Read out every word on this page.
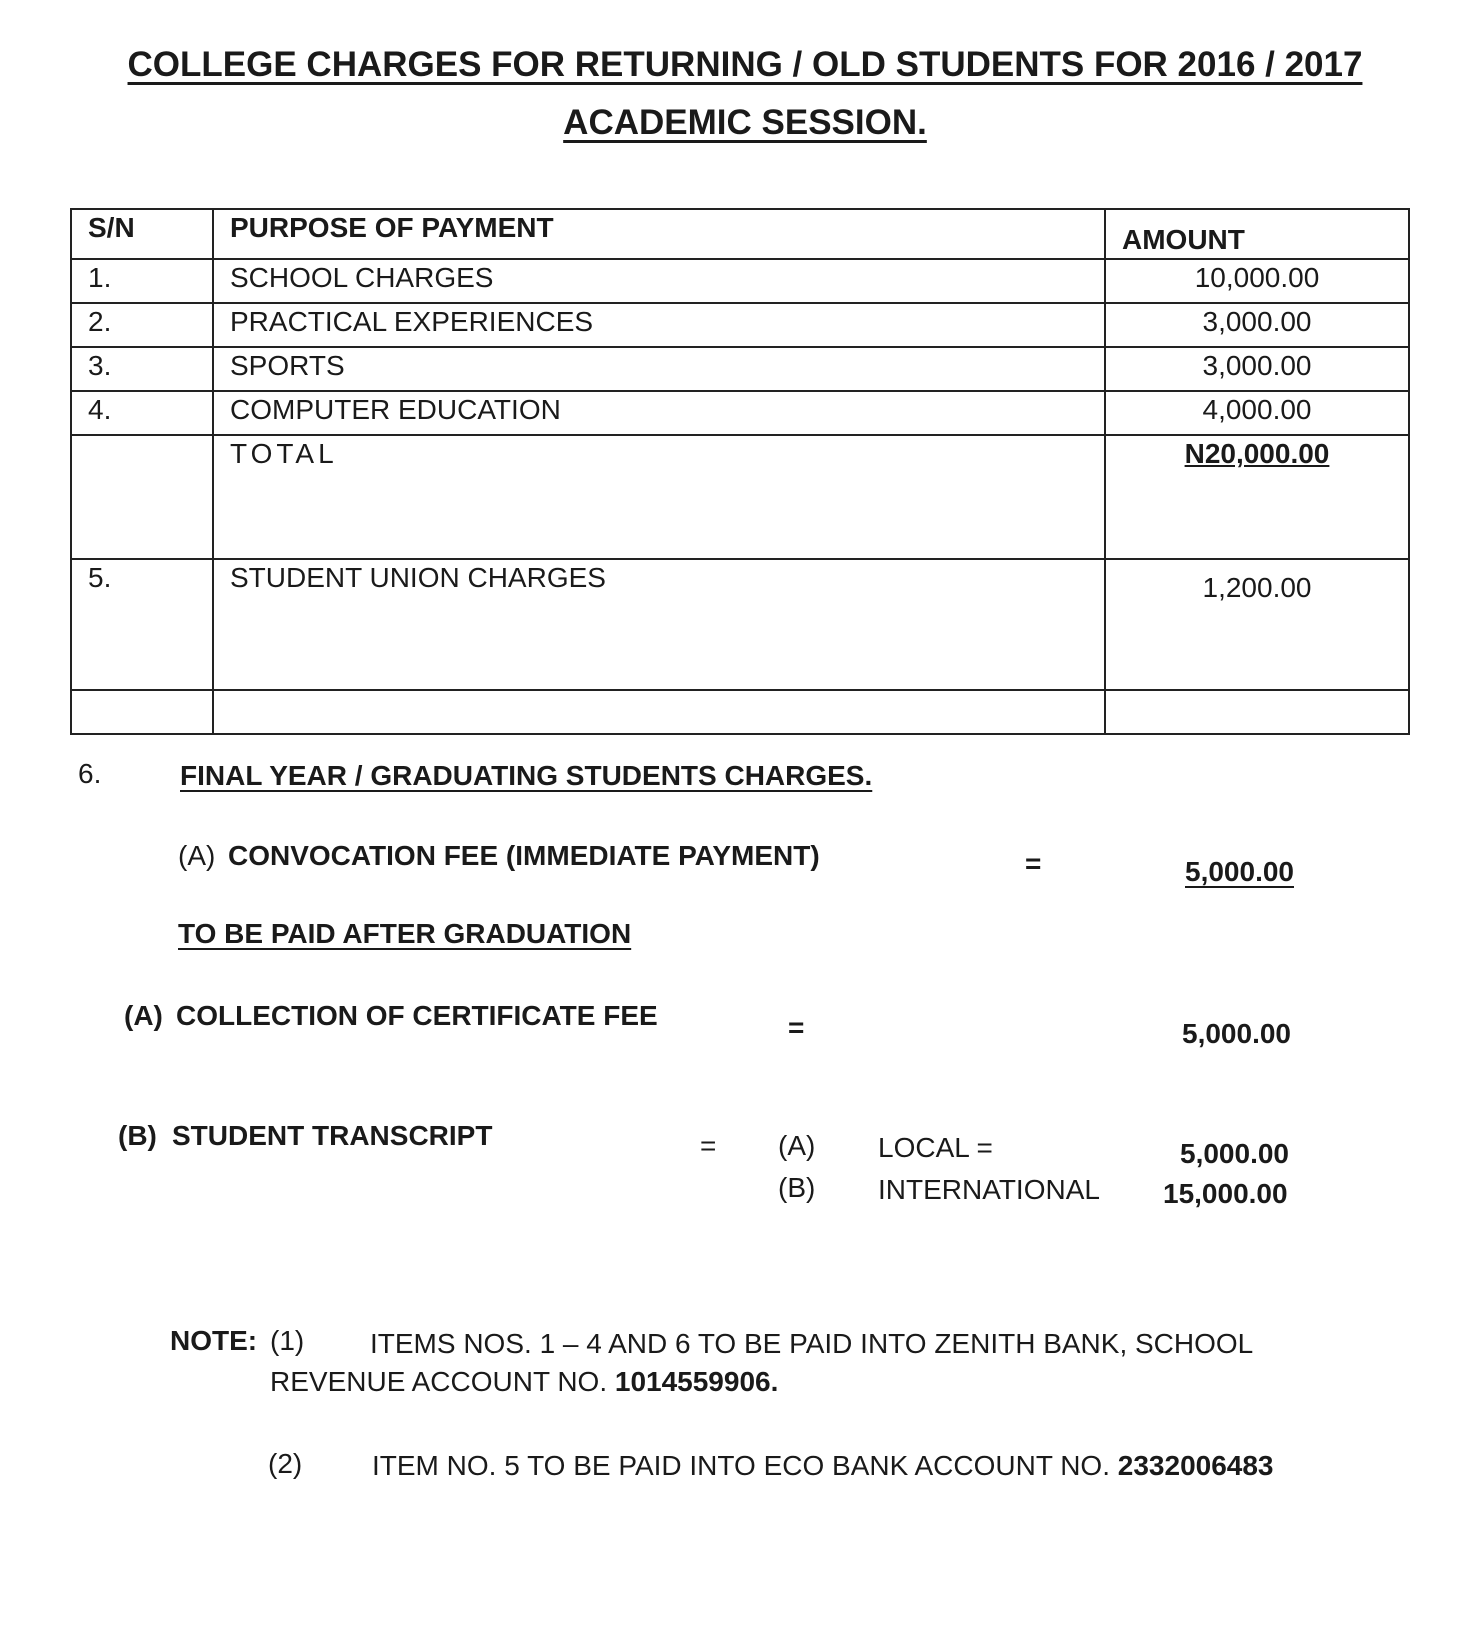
COLLEGE CHARGES FOR RETURNING / OLD STUDENTS FOR 2016 / 2017
ACADEMIC SESSION.
S/N	PURPOSE OF PAYMENT	AMOUNT
1.	SCHOOL CHARGES	10,000.00
2.	PRACTICAL EXPERIENCES	3,000.00
3.	SPORTS	3,000.00
4.	COMPUTER EDUCATION	4,000.00
	TOTAL	N20,000.00
5.	STUDENT UNION CHARGES	1,200.00

6.	FINAL YEAR / GRADUATING STUDENTS CHARGES.
(A) CONVOCATION FEE (IMMEDIATE PAYMENT)	=	5,000.00
TO BE PAID AFTER GRADUATION
(A) COLLECTION OF CERTIFICATE FEE	=	5,000.00
(B) STUDENT TRANSCRIPT	= (A) LOCAL =	5,000.00
(B) INTERNATIONAL 15,000.00
NOTE: (1) ITEMS NOS. 1 – 4 AND 6 TO BE PAID INTO ZENITH BANK, SCHOOL
REVENUE ACCOUNT NO. 1014559906.
(2) ITEM NO. 5 TO BE PAID INTO ECO BANK ACCOUNT NO. 2332006483
